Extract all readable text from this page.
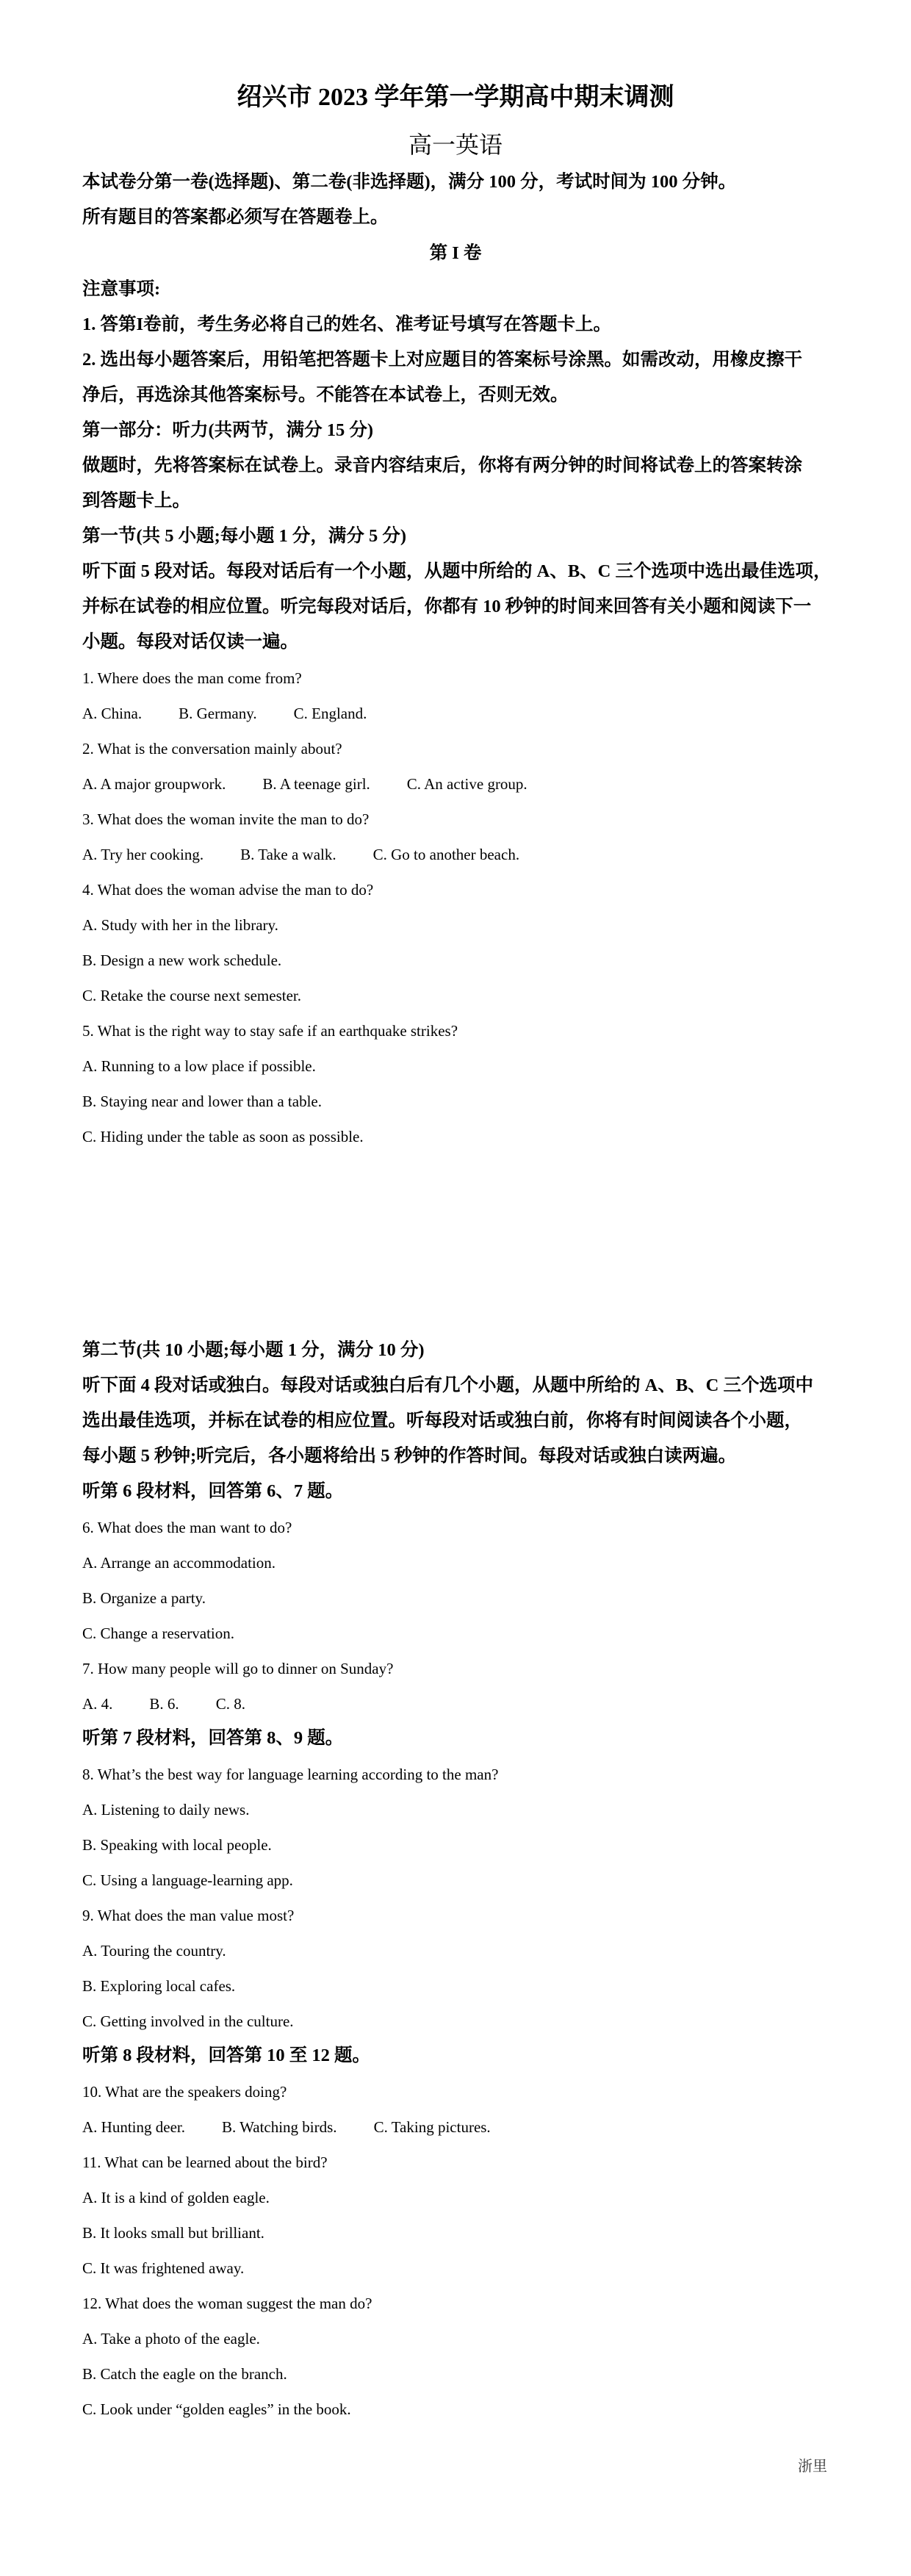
绍兴市 2023 学年第一学期高中期末调测
高一英语
本试卷分第一卷(选择题)、第二卷(非选择题)，满分 100 分，考试时间为 100 分钟。
所有题目的答案都必须写在答题卷上。
第 I 卷
注意事项:
1. 答第I卷前，考生务必将自己的姓名、准考证号填写在答题卡上。
2. 选出每小题答案后，用铅笔把答题卡上对应题目的答案标号涂黑。如需改动，用橡皮擦干
净后，再选涂其他答案标号。不能答在本试卷上，否则无效。
第一部分：听力(共两节，满分 15 分)
做题时，先将答案标在试卷上。录音内容结束后，你将有两分钟的时间将试卷上的答案转涂
到答题卡上。
第一节(共 5 小题;每小题 1 分，满分 5 分)
听下面 5 段对话。每段对话后有一个小题，从题中所给的 A、B、C 三个选项中选出最佳选项，
并标在试卷的相应位置。听完每段对话后，你都有 10 秒钟的时间来回答有关小题和阅读下一
小题。每段对话仅读一遍。
1. Where does the man come from?
A. China. B. Germany. C. England.
2. What is the conversation mainly about?
A. A major groupwork. B. A teenage girl. C. An active group.
3. What does the woman invite the man to do?
A. Try her cooking. B. Take a walk. C. Go to another beach.
4. What does the woman advise the man to do?
A. Study with her in the library.
B. Design a new work schedule.
C. Retake the course next semester.
5. What is the right way to stay safe if an earthquake strikes?
A. Running to a low place if possible.
B. Staying near and lower than a table.
C. Hiding under the table as soon as possible.
第二节(共 10 小题;每小题 1 分，满分 10 分)
听下面 4 段对话或独白。每段对话或独白后有几个小题，从题中所给的 A、B、C 三个选项中
选出最佳选项，并标在试卷的相应位置。听每段对话或独白前，你将有时间阅读各个小题，
每小题 5 秒钟;听完后，各小题将给出 5 秒钟的作答时间。每段对话或独白读两遍。
听第 6 段材料，回答第 6、7 题。
6. What does the man want to do?
A. Arrange an accommodation.
B. Organize a party.
C. Change a reservation.
7. How many people will go to dinner on Sunday?
A. 4. B. 6. C. 8.
听第 7 段材料，回答第 8、9 题。
8. What’s the best way for language learning according to the man?
A. Listening to daily news.
B. Speaking with local people.
C. Using a language-learning app.
9. What does the man value most?
A. Touring the country.
B. Exploring local cafes.
C. Getting involved in the culture.
听第 8 段材料，回答第 10 至 12 题。
10. What are the speakers doing?
A. Hunting deer. B. Watching birds. C. Taking pictures.
11. What can be learned about the bird?
A. It is a kind of golden eagle.
B. It looks small but brilliant.
C. It was frightened away.
12. What does the woman suggest the man do?
A. Take a photo of the eagle.
B. Catch the eagle on the branch.
C. Look under “golden eagles” in the book.
浙里
